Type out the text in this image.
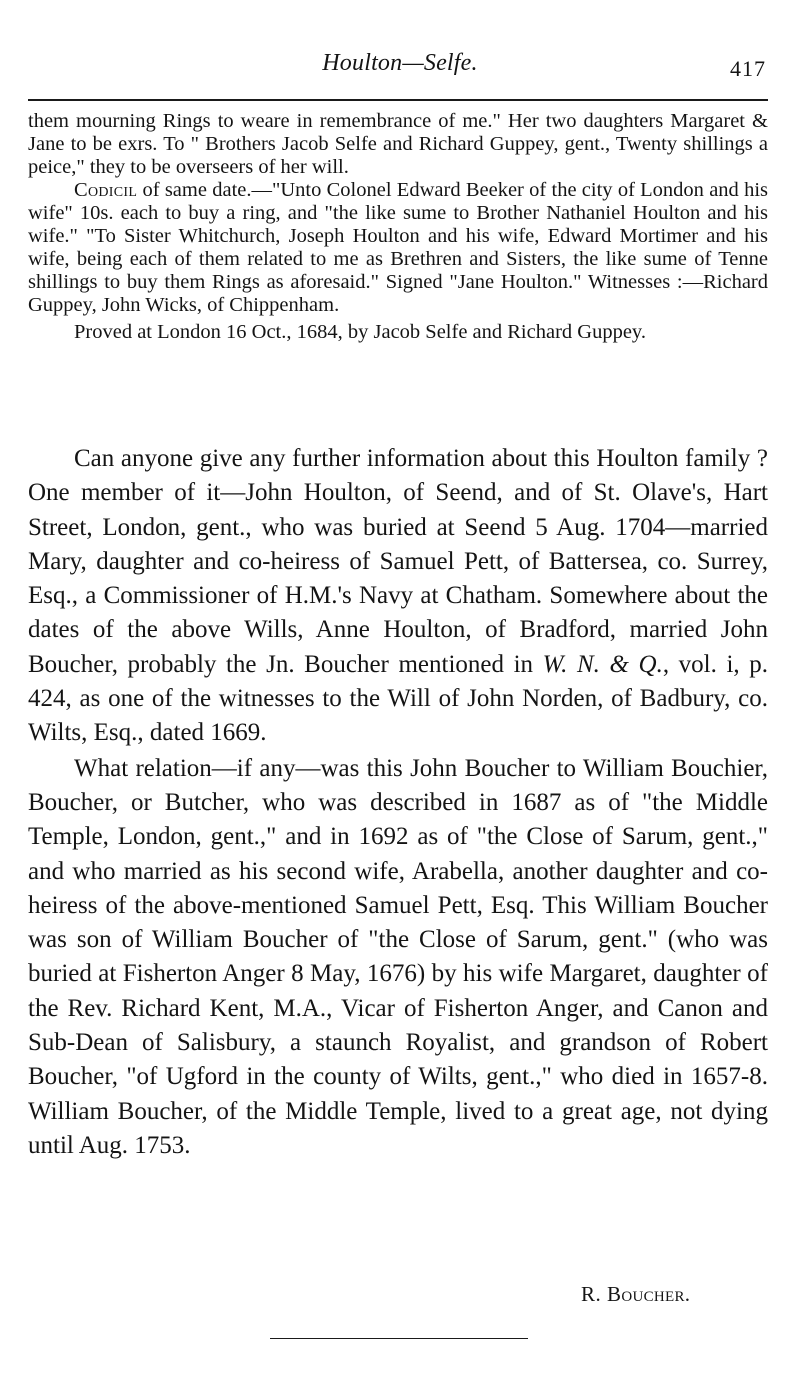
Houlton—Selfe.	417

them mourning Rings to weare in remembrance of me." Her two daughters Margaret & Jane to be exrs. To " Brothers Jacob Selfe and Richard Guppey, gent., Twenty shillings a peice," they to be overseers of her will.

Codicil of same date.—"Unto Colonel Edward Beeker of the city of London and his wife" 10s. each to buy a ring, and "the like sume to Brother Nathaniel Houlton and his wife." "To Sister Whitchurch, Joseph Houlton and his wife, Edward Mortimer and his wife, being each of them related to me as Brethren and Sisters, the like sume of Tenne shillings to buy them Rings as aforesaid." Signed "Jane Houlton." Witnesses :—Richard Guppey, John Wicks, of Chippenham.

Proved at London 16 Oct., 1684, by Jacob Selfe and Richard Guppey.

Can anyone give any further information about this Houlton family ? One member of it—John Houlton, of Seend, and of St. Olave's, Hart Street, London, gent., who was buried at Seend 5 Aug. 1704—married Mary, daughter and co-heiress of Samuel Pett, of Battersea, co. Surrey, Esq., a Commissioner of H.M.'s Navy at Chatham. Somewhere about the dates of the above Wills, Anne Houlton, of Bradford, married John Boucher, probably the Jn. Boucher mentioned in W. N. & Q., vol. i, p. 424, as one of the witnesses to the Will of John Norden, of Badbury, co. Wilts, Esq., dated 1669.

What relation—if any—was this John Boucher to William Bouchier, Boucher, or Butcher, who was described in 1687 as of "the Middle Temple, London, gent.," and in 1692 as of "the Close of Sarum, gent.," and who married as his second wife, Arabella, another daughter and co-heiress of the above-mentioned Samuel Pett, Esq. This William Boucher was son of William Boucher of "the Close of Sarum, gent." (who was buried at Fisherton Anger 8 May, 1676) by his wife Margaret, daughter of the Rev. Richard Kent, M.A., Vicar of Fisherton Anger, and Canon and Sub-Dean of Salisbury, a staunch Royalist, and grandson of Robert Boucher, "of Ugford in the county of Wilts, gent.," who died in 1657-8. William Boucher, of the Middle Temple, lived to a great age, not dying until Aug. 1753.

R. Boucher.
